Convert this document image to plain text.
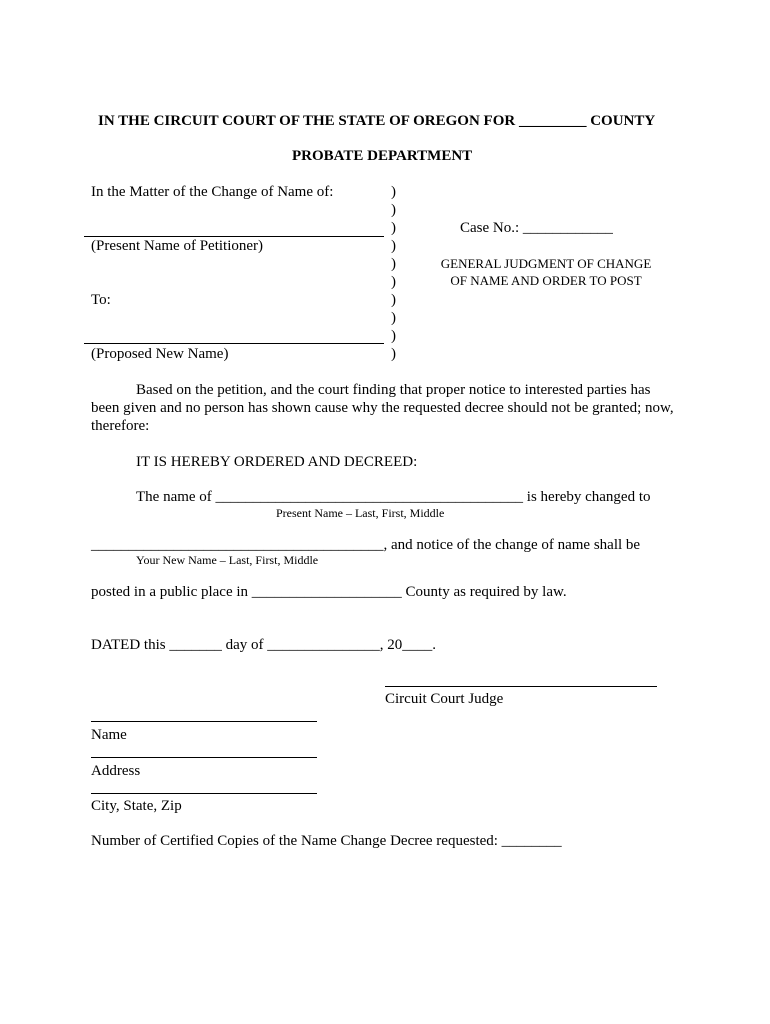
IN THE CIRCUIT COURT OF THE STATE OF OREGON FOR _________ COUNTY
PROBATE DEPARTMENT
In the Matter of the Change of Name of:
(Present Name of Petitioner)
To:
(Proposed New Name)
)
)
)
)
)
)
)
)
)
)
Case No.: ____________
GENERAL JUDGMENT OF CHANGE
OF NAME AND ORDER TO POST
Based on the petition, and the court finding that proper notice to interested parties has
been given and no person has shown cause why the requested decree should not be granted; now,
therefore:
IT IS HEREBY ORDERED AND DECREED:
The name of _________________________________________ is hereby changed to
Present Name – Last, First, Middle
_______________________________________, and notice of the change of name shall be
Your New Name – Last, First, Middle
posted in a public place in ____________________ County as required by law.
DATED this _______ day of _______________, 20____.
Circuit Court Judge
Name
Address
City, State, Zip
Number of Certified Copies of the Name Change Decree requested: ________
